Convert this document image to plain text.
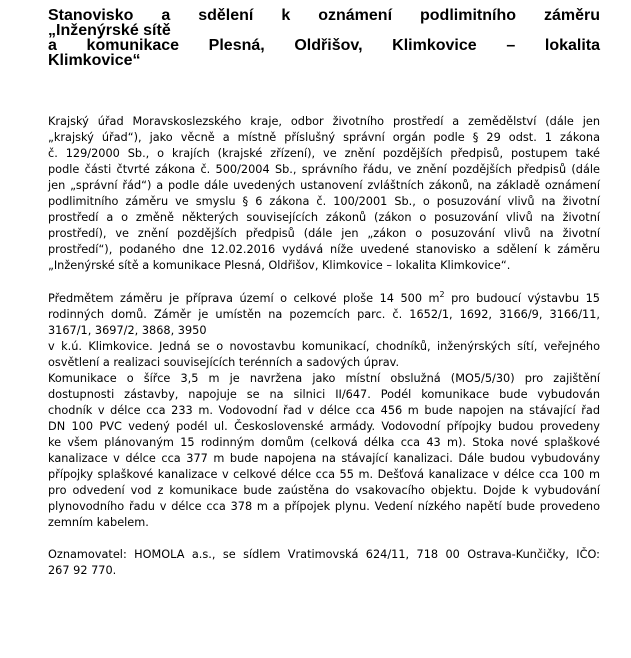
Stanovisko a sdělení k oznámení podlimitního záměru
„Inženýrské sítě
a komunikace Plesná, Oldřišov, Klimkovice – lokalita
Klimkovice“

Krajský úřad Moravskoslezského kraje, odbor životního prostředí a zemědělství (dále jen
„krajský úřad“), jako věcně a místně příslušný správní orgán podle § 29 odst. 1 zákona
č. 129/2000 Sb., o krajích (krajské zřízení), ve znění pozdějších předpisů, postupem také
podle části čtvrté zákona č. 500/2004 Sb., správního řádu, ve znění pozdějších předpisů (dále
jen „správní řád“) a podle dále uvedených ustanovení zvláštních zákonů, na základě oznámení
podlimitního záměru ve smyslu § 6 zákona č. 100/2001 Sb., o posuzování vlivů na životní
prostředí a o změně některých souvisejících zákonů (zákon o posuzování vlivů na životní
prostředí), ve znění pozdějších předpisů (dále jen „zákon o posuzování vlivů na životní
prostředí“), podaného dne 12.02.2016 vydává níže uvedené stanovisko a sdělení k záměru
„Inženýrské sítě a komunikace Plesná, Oldřišov, Klimkovice – lokalita Klimkovice“.

Předmětem záměru je příprava území o celkové ploše 14 500 $m^2$ pro budoucí výstavbu 15
rodinných domů. Záměr je umístěn na pozemcích parc. č. 1652/1, 1692, 3166/9, 3166/11,
3167/1, 3697/2, 3868, 3950
v k.ú. Klimkovice. Jedná se o novostavbu komunikací, chodníků, inženýrských sítí, veřejného
osvětlení a realizaci souvisejících terénních a sadových úprav.

Komunikace o šířce 3,5 m je navržena jako místní obslužná (MO5/5/30) pro zajištění
dostupnosti zástavby, napojuje se na silnici II/647. Podél komunikace bude vybudován
chodník v délce cca 233 m. Vodovodní řad v délce cca 456 m bude napojen na stávající řad
DN 100 PVC vedený podél ul. Československé armády. Vodovodní přípojky budou provedeny
ke všem plánovaným 15 rodinným domům (celková délka cca 43 m). Stoka nové splaškové
kanalizace v délce cca 377 m bude napojena na stávající kanalizaci. Dále budou vybudovány
přípojky splaškové kanalizace v celkové délce cca 55 m. Dešťová kanalizace v délce cca 100 m
pro odvedení vod z komunikace bude zaústěna do vsakovacího objektu. Dojde k vybudování
plynovodního řadu v délce cca 378 m a přípojek plynu. Vedení nízkého napětí bude provedeno
zemním kabelem.

Oznamovatel: HOMOLA a.s., se sídlem Vratimovská 624/11, 718 00 Ostrava-Kunčičky, IČO:
267 92 770.
